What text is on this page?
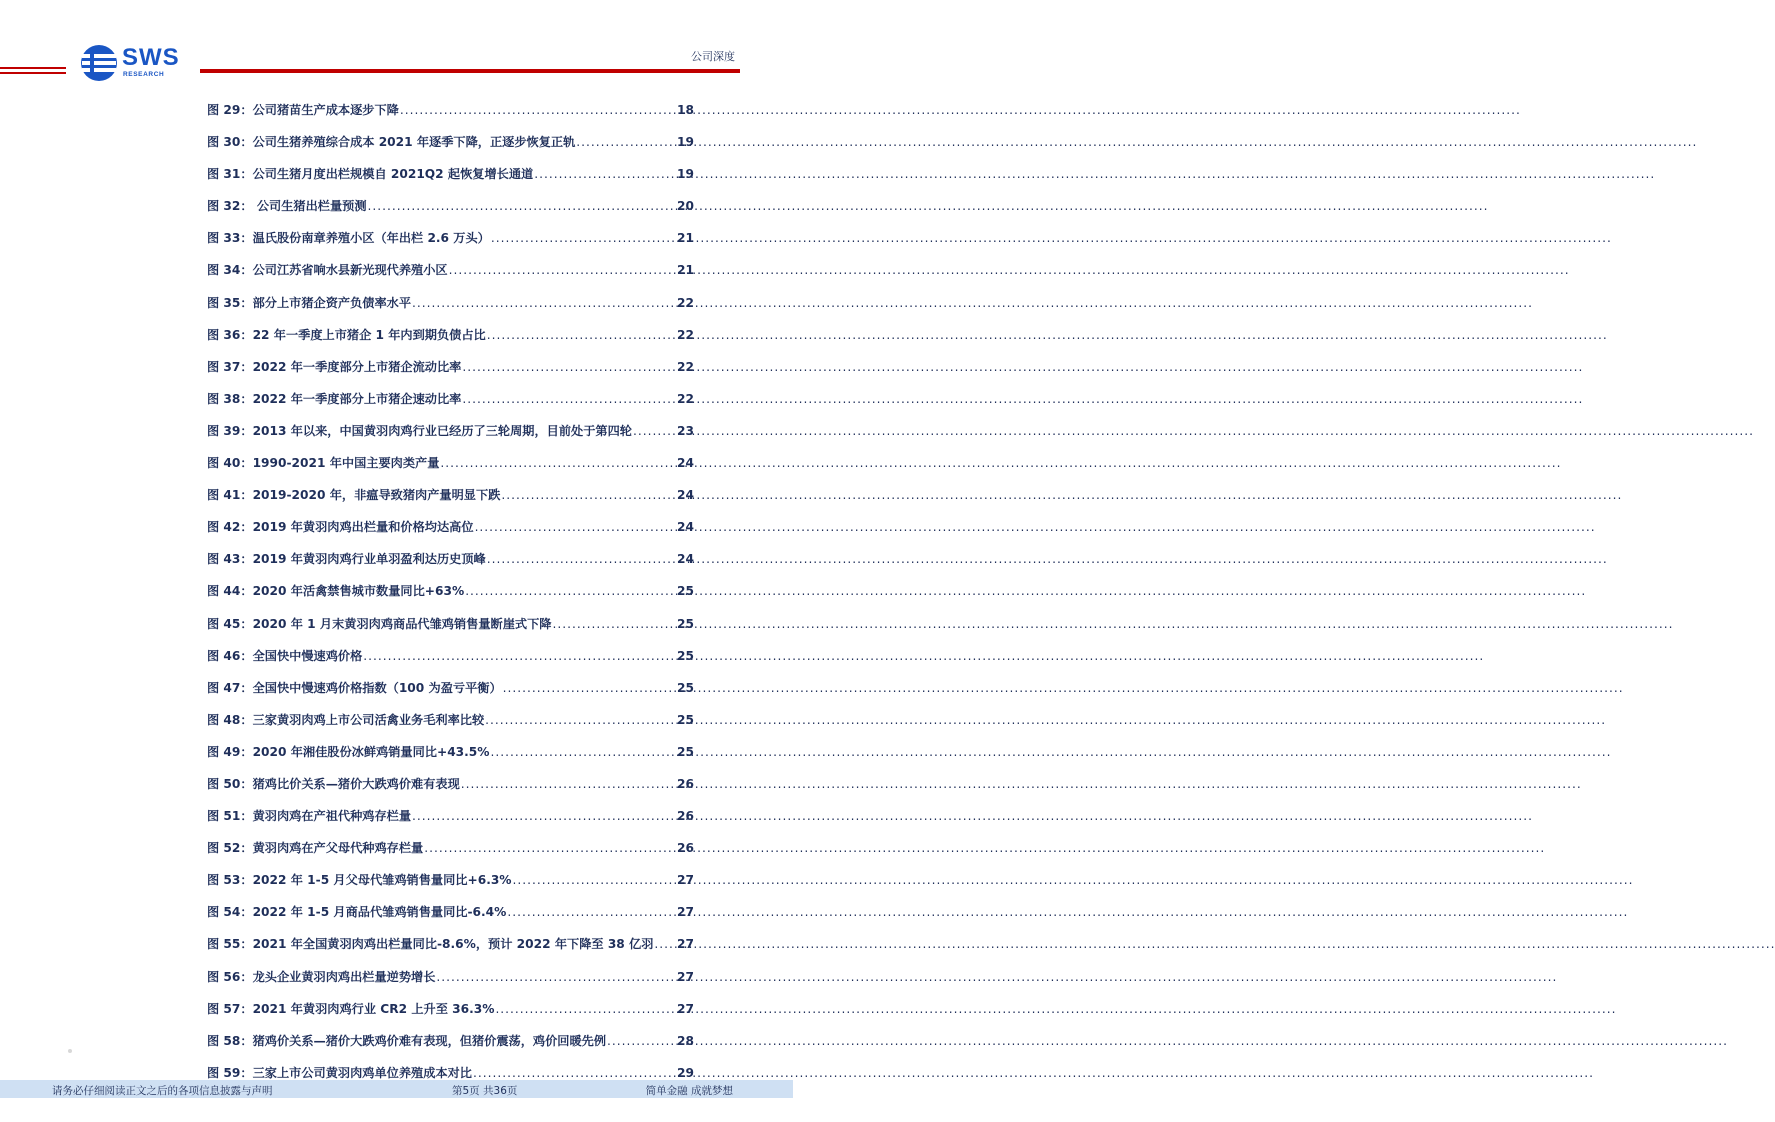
SWS
RESEARCH
公司深度
图 29：公司猪苗生产成本逐步下降 .....	18
图 30：公司生猪养殖综合成本 2021 年逐季下降，正逐步恢复正轨 .....	19
图 31：公司生猪月度出栏规模自 2021Q2 起恢复增长通道 .....	19
图 32： 公司生猪出栏量预测 .....	20
图 33：温氏股份南章养殖小区（年出栏 2.6 万头） .....	21
图 34：公司江苏省响水县新光现代养殖小区 .....	21
图 35：部分上市猪企资产负债率水平 .....	22
图 36：22 年一季度上市猪企 1 年内到期负债占比 .....	22
图 37：2022 年一季度部分上市猪企流动比率 .....	22
图 38：2022 年一季度部分上市猪企速动比率 .....	22
图 39：2013 年以来，中国黄羽肉鸡行业已经历了三轮周期，目前处于第四轮 .....	23
图 40：1990-2021 年中国主要肉类产量 .....	24
图 41：2019-2020 年，非瘟导致猪肉产量明显下跌 .....	24
图 42：2019 年黄羽肉鸡出栏量和价格均达高位 .....	24
图 43：2019 年黄羽肉鸡行业单羽盈利达历史顶峰 .....	24
图 44：2020 年活禽禁售城市数量同比+63% .....	25
图 45：2020 年 1 月末黄羽肉鸡商品代雏鸡销售量断崖式下降 .....	25
图 46：全国快中慢速鸡价格 .....	25
图 47：全国快中慢速鸡价格指数（100 为盈亏平衡） .....	25
图 48：三家黄羽肉鸡上市公司活禽业务毛利率比较 .....	25
图 49：2020 年湘佳股份冰鲜鸡销量同比+43.5% .....	25
图 50：猪鸡比价关系—猪价大跌鸡价难有表现 .....	26
图 51：黄羽肉鸡在产祖代种鸡存栏量 .....	26
图 52：黄羽肉鸡在产父母代种鸡存栏量 .....	26
图 53：2022 年 1-5 月父母代雏鸡销售量同比+6.3% .....	27
图 54：2022 年 1-5 月商品代雏鸡销售量同比-6.4% .....	27
图 55：2021 年全国黄羽肉鸡出栏量同比-8.6%，预计 2022 年下降至 38 亿羽 ..... 27
图 56：龙头企业黄羽肉鸡出栏量逆势增长 .....	27
图 57：2021 年黄羽肉鸡行业 CR2 上升至 36.3% .....	27
图 58：猪鸡价关系—猪价大跌鸡价难有表现，但猪价震荡，鸡价回暖先例 .....	28
图 59：三家上市公司黄羽肉鸡单位养殖成本对比 .....	29
请务必仔细阅读正文之后的各项信息披露与声明	第5页 共36页	简单金融 成就梦想
